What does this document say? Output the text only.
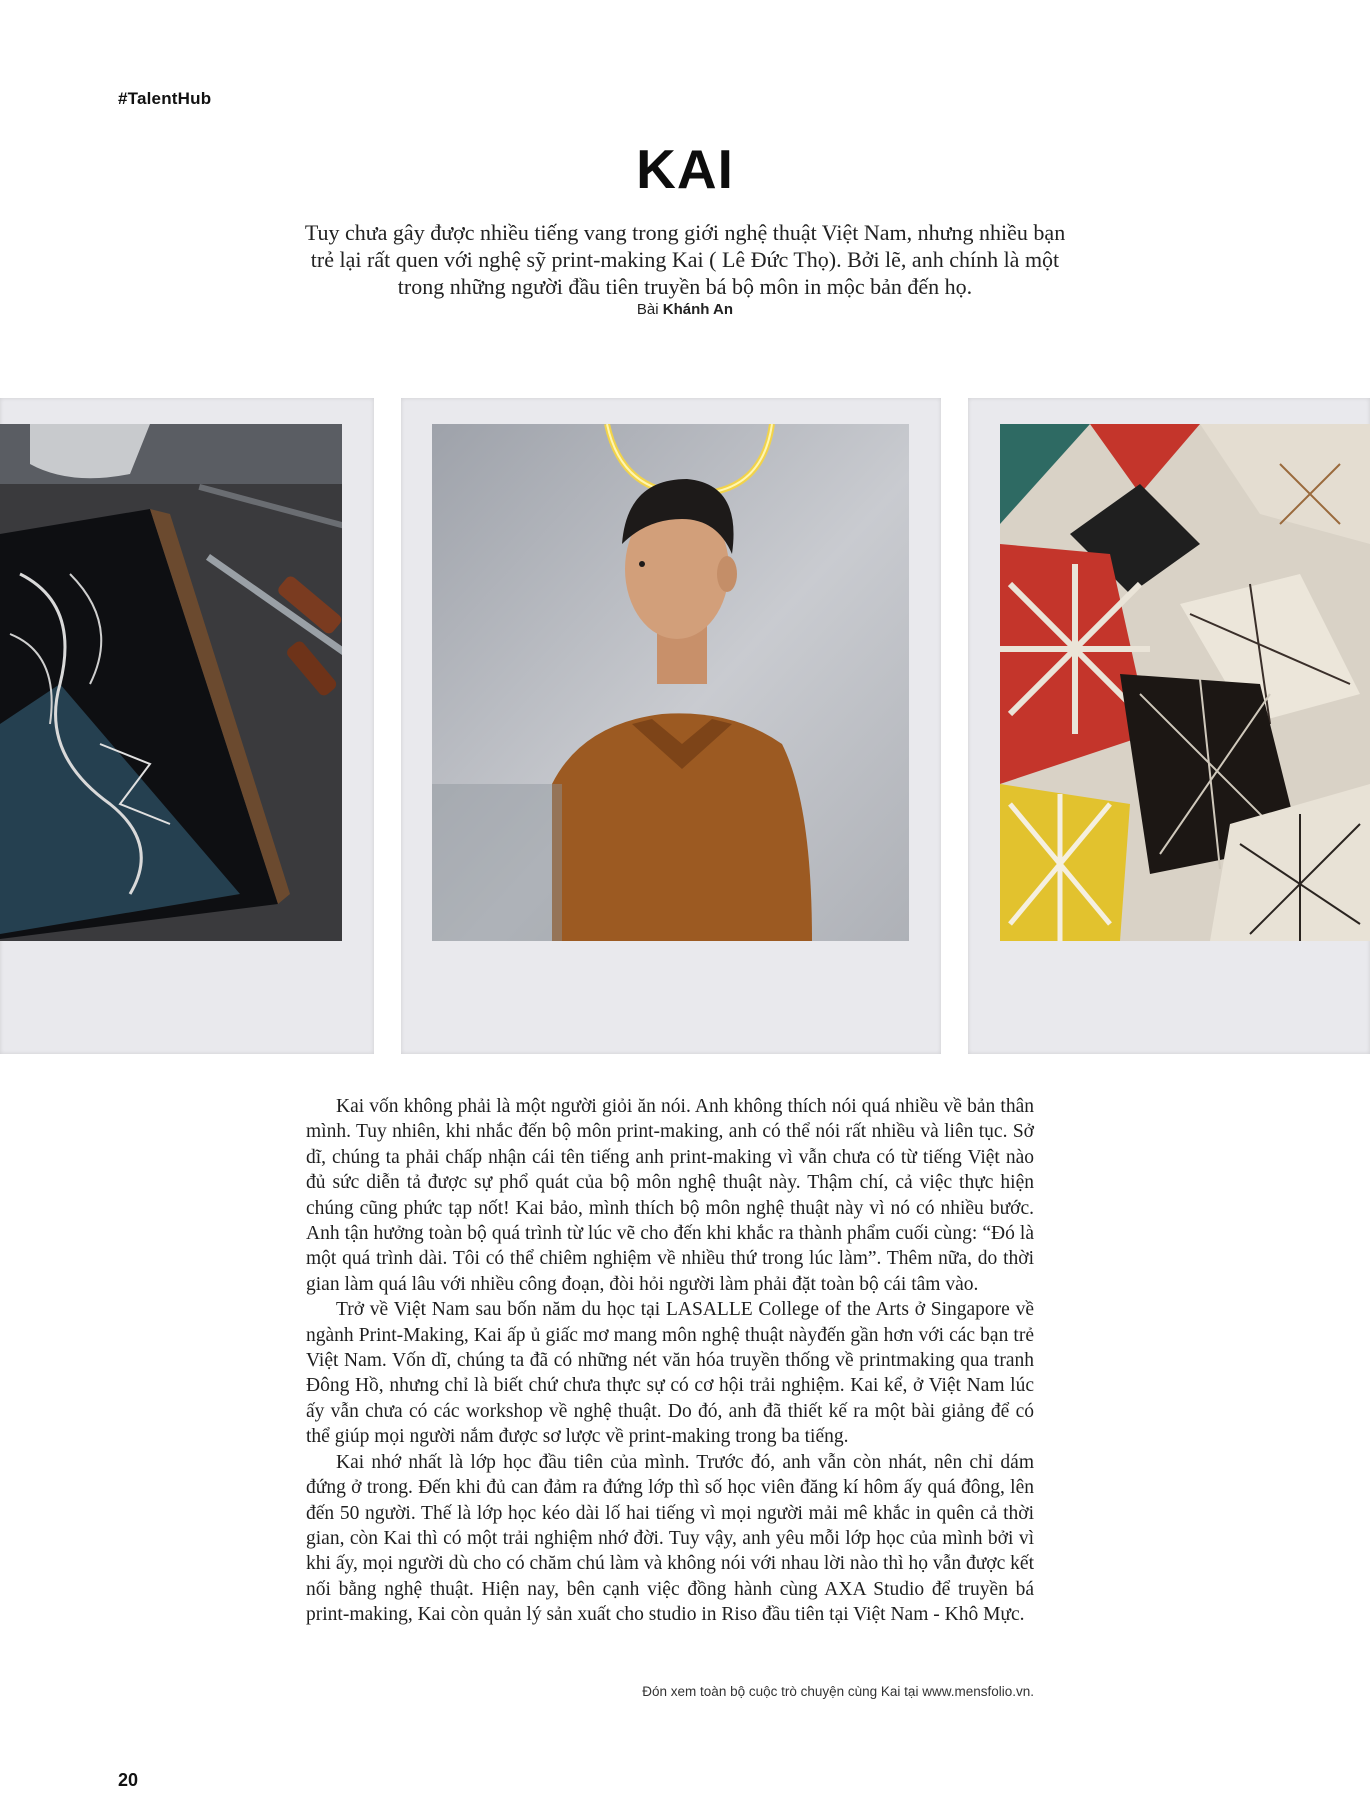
#TalentHub
KAI

Tuy chưa gây được nhiều tiếng vang trong giới nghệ thuật Việt Nam, nhưng nhiều bạn trẻ lại rất quen với nghệ sỹ print-making Kai ( Lê Đức Thọ). Bởi lẽ, anh chính là một trong những người đầu tiên truyền bá bộ môn in mộc bản đến họ.

Bài Khánh An

Kai vốn không phải là một người giỏi ăn nói. Anh không thích nói quá nhiều về bản thân mình. Tuy nhiên, khi nhắc đến bộ môn print-making, anh có thể nói rất nhiều và liên tục. Sở dĩ, chúng ta phải chấp nhận cái tên tiếng anh print-making vì vẫn chưa có từ tiếng Việt nào đủ sức diễn tả được sự phổ quát của bộ môn nghệ thuật này. Thậm chí, cả việc thực hiện chúng cũng phức tạp nốt! Kai bảo, mình thích bộ môn nghệ thuật này vì nó có nhiều bước. Anh tận hưởng toàn bộ quá trình từ lúc vẽ cho đến khi khắc ra thành phẩm cuối cùng: “Đó là một quá trình dài. Tôi có thể chiêm nghiệm về nhiều thứ trong lúc làm”. Thêm nữa, do thời gian làm quá lâu với nhiều công đoạn, đòi hỏi người làm phải đặt toàn bộ cái tâm vào.

Trở về Việt Nam sau bốn năm du học tại LASALLE College of the Arts ở Singapore về ngành Print-Making, Kai ấp ủ giấc mơ mang môn nghệ thuật nàyđến gần hơn với các bạn trẻ Việt Nam. Vốn dĩ, chúng ta đã có những nét văn hóa truyền thống về printmaking qua tranh Đông Hồ, nhưng chỉ là biết chứ chưa thực sự có cơ hội trải nghiệm. Kai kể, ở Việt Nam lúc ấy vẫn chưa có các workshop về nghệ thuật. Do đó, anh đã thiết kế ra một bài giảng để có thể giúp mọi người nắm được sơ lược về print-making trong ba tiếng.

Kai nhớ nhất là lớp học đầu tiên của mình. Trước đó, anh vẫn còn nhát, nên chỉ dám đứng ở trong. Đến khi đủ can đảm ra đứng lớp thì số học viên đăng kí hôm ấy quá đông, lên đến 50 người. Thế là lớp học kéo dài lố hai tiếng vì mọi người mải mê khắc in quên cả thời gian, còn Kai thì có một trải nghiệm nhớ đời. Tuy vậy, anh yêu mỗi lớp học của mình bởi vì khi ấy, mọi người dù cho có chăm chú làm và không nói với nhau lời nào thì họ vẫn được kết nối bằng nghệ thuật. Hiện nay, bên cạnh việc đồng hành cùng AXA Studio để truyền bá print-making, Kai còn quản lý sản xuất cho studio in Riso đầu tiên tại Việt Nam - Khô Mực.

Đón xem toàn bộ cuộc trò chuyện cùng Kai tại www.mensfolio.vn.
20
